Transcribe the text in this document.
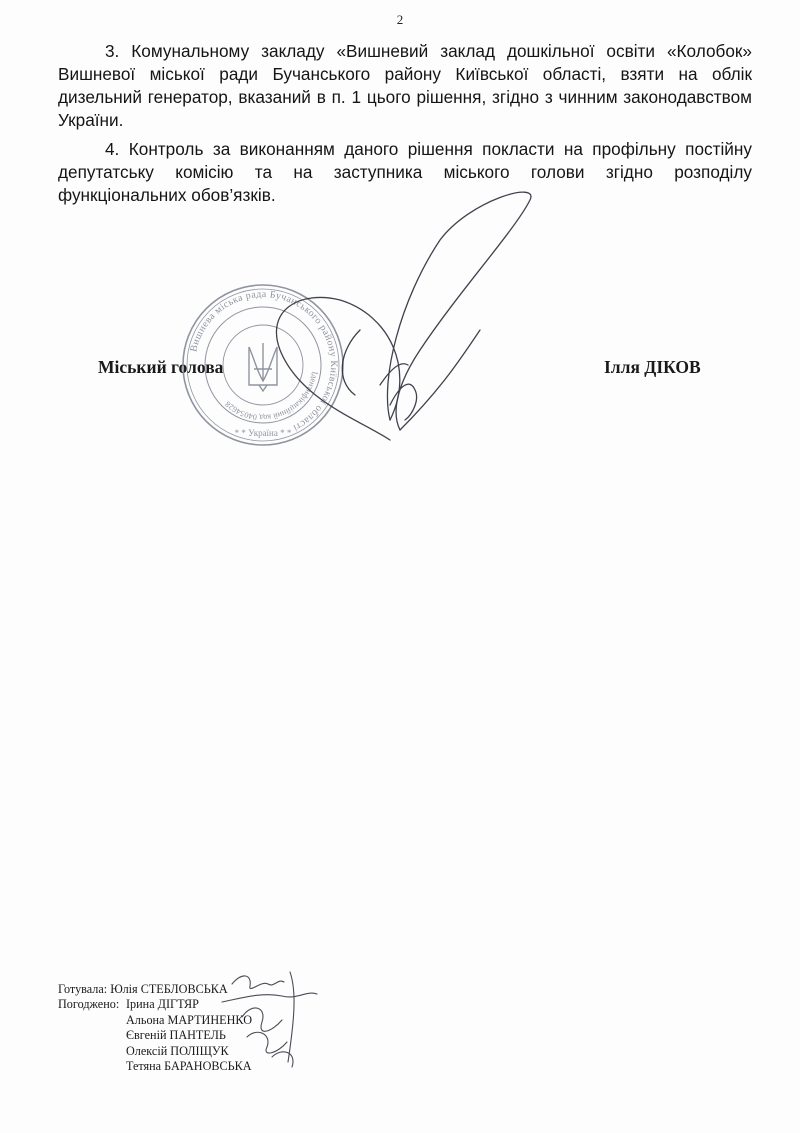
2

3. Комунальному закладу «Вишневий заклад дошкільної освіти «Колобок» Вишневої міської ради Бучанського району Київської області, взяти на облік дизельний генератор, вказаний в п. 1 цього рішення, згідно з чинним законодавством України.

4. Контроль за виконанням даного рішення покласти на профільну постійну депутатську комісію та на заступника міського голови згідно розподілу функціональних обов’язків.

Міський голова	Ілля ДІКОВ
Вишнева міська рада Бучанського району Київської області
Ідентифікаційний код 04054628
* * Україна * *
Готувала: Юлія СТЕБЛОВСЬКА
Погоджено: Ірина ДІГТЯР
Альона МАРТИНЕНКО
Євгеній ПАНТЕЛЬ
Олексій ПОЛІЩУК
Тетяна БАРАНОВСЬКА
